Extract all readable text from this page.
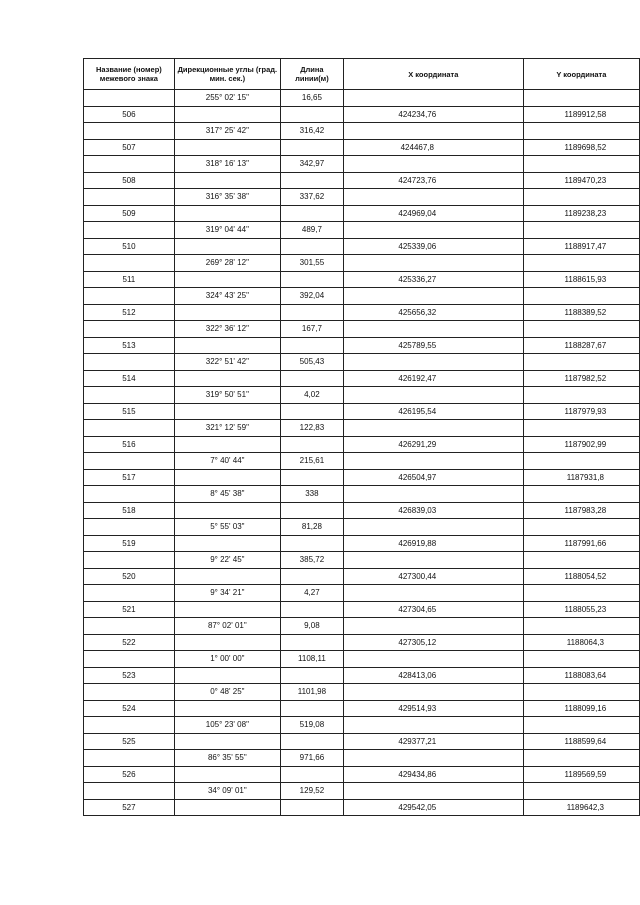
Название (номер) межевого знака	Дирекционные углы (град. мин. сек.)	Длина линии(м)	X координата	Y координата
	255° 02' 15"	16,65		
506			424234,76	1189912,58
	317° 25' 42"	316,42		
507			424467,8	1189698,52
	318° 16' 13"	342,97		
508			424723,76	1189470,23
	316° 35' 38"	337,62		
509			424969,04	1189238,23
	319° 04' 44"	489,7		
510			425339,06	1188917,47
	269° 28' 12"	301,55		
511			425336,27	1188615,93
	324° 43' 25"	392,04		
512			425656,32	1188389,52
	322° 36' 12"	167,7		
513			425789,55	1188287,67
	322° 51' 42"	505,43		
514			426192,47	1187982,52
	319° 50' 51"	4,02		
515			426195,54	1187979,93
	321° 12' 59"	122,83		
516			426291,29	1187902,99
	7° 40' 44"	215,61		
517			426504,97	1187931,8
	8° 45' 38"	338		
518			426839,03	1187983,28
	5° 55' 03"	81,28		
519			426919,88	1187991,66
	9° 22' 45"	385,72		
520			427300,44	1188054,52
	9° 34' 21"	4,27		
521			427304,65	1188055,23
	87° 02' 01"	9,08		
522			427305,12	1188064,3
	1° 00' 00"	1108,11		
523			428413,06	1188083,64
	0° 48' 25"	1101,98		
524			429514,93	1188099,16
	105° 23' 08"	519,08		
525			429377,21	1188599,64
	86° 35' 55"	971,66		
526			429434,86	1189569,59
	34° 09' 01"	129,52		
527			429542,05	1189642,3
